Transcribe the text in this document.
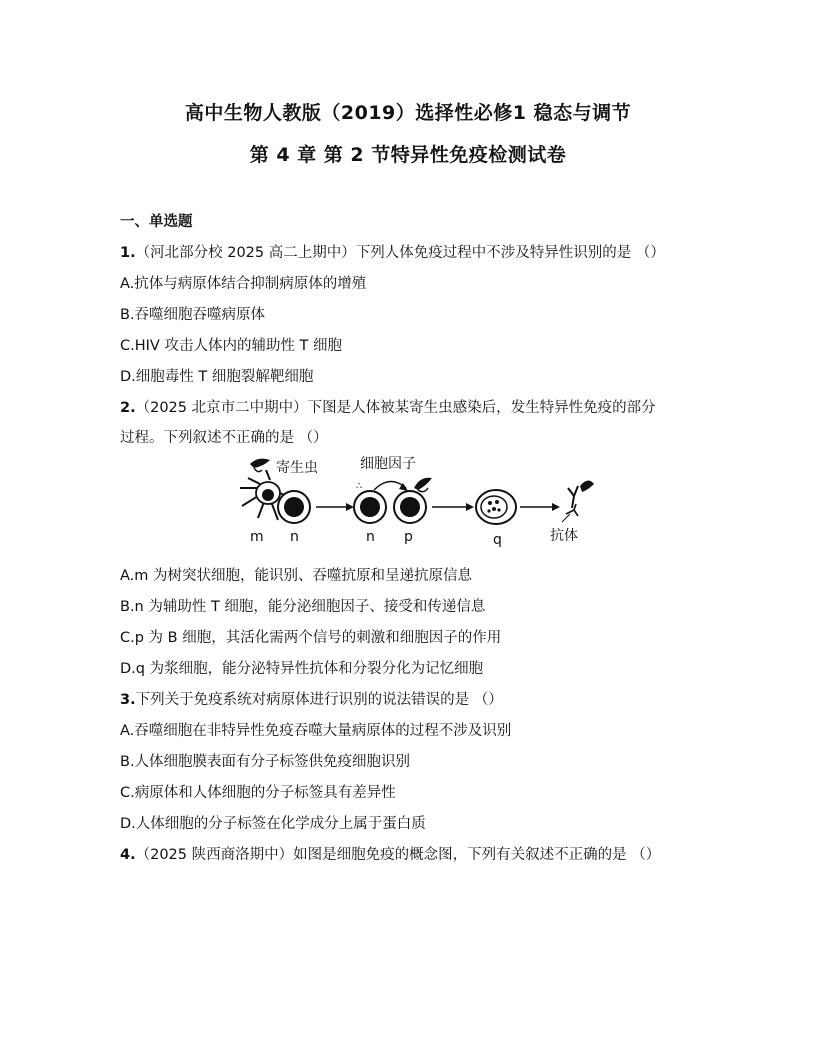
高中生物人教版（2019）选择性必修1 稳态与调节
第 4 章 第 2 节特异性免疫检测试卷
一、单选题
1.（河北部分校 2025 高二上期中）下列人体免疫过程中不涉及特异性识别的是 （）
A.抗体与病原体结合抑制病原体的增殖
B.吞噬细胞吞噬病原体
C.HIV 攻击人体内的辅助性 T 细胞
D.细胞毒性 T 细胞裂解靶细胞
2.（2025 北京市二中期中）下图是人体被某寄生虫感染后，发生特异性免疫的部分
过程。下列叙述不正确的是 （）
寄生虫
m n
细胞因子
∴
n p	q	抗体
A.m 为树突状细胞，能识别、吞噬抗原和呈递抗原信息
B.n 为辅助性 T 细胞，能分泌细胞因子、接受和传递信息
C.p 为 B 细胞，其活化需两个信号的刺激和细胞因子的作用
D.q 为浆细胞，能分泌特异性抗体和分裂分化为记忆细胞
3.下列关于免疫系统对病原体进行识别的说法错误的是 （）
A.吞噬细胞在非特异性免疫吞噬大量病原体的过程不涉及识别
B.人体细胞膜表面有分子标签供免疫细胞识别
C.病原体和人体细胞的分子标签具有差异性
D.人体细胞的分子标签在化学成分上属于蛋白质
4.（2025 陕西商洛期中）如图是细胞免疫的概念图，下列有关叙述不正确的是 （）
